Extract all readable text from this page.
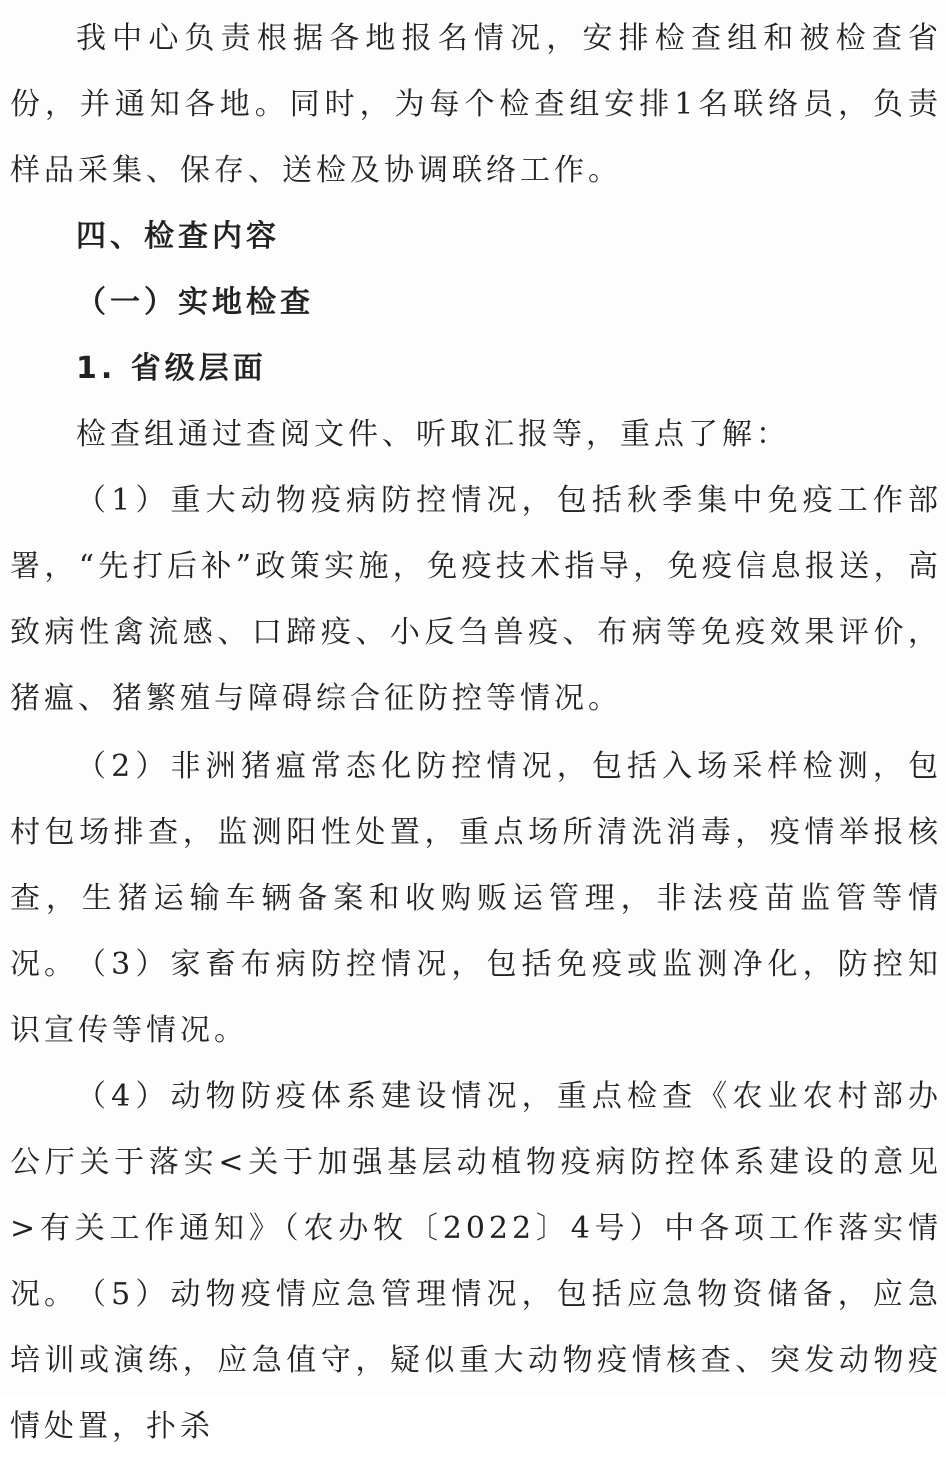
我中心负责根据各地报名情况，安排检查组和被检查省份，并通知各地。同时，为每个检查组安排1名联络员，负责样品采集、保存、送检及协调联络工作。

四、检查内容

（一）实地检查

1. 省级层面

检查组通过查阅文件、听取汇报等，重点了解：

（1）重大动物疫病防控情况，包括秋季集中免疫工作部署，“先打后补”政策实施，免疫技术指导，免疫信息报送，高致病性禽流感、口蹄疫、小反刍兽疫、布病等免疫效果评价，猪瘟、猪繁殖与障碍综合征防控等情况。

（2）非洲猪瘟常态化防控情况，包括入场采样检测，包村包场排查，监测阳性处置，重点场所清洗消毒，疫情举报核查，生猪运输车辆备案和收购贩运管理，非法疫苗监管等情况。

（3）家畜布病防控情况，包括免疫或监测净化，防控知识宣传等情况。

（4）动物防疫体系建设情况，重点检查《农业农村部办公厅关于落实<关于加强基层动植物疫病防控体系建设的意见>有关工作通知》（农办牧〔2022〕4号）中各项工作落实情况。

（5）动物疫情应急管理情况，包括应急物资储备，应急培训或演练，应急值守，疑似重大动物疫情核查、突发动物疫情处置，扑杀
